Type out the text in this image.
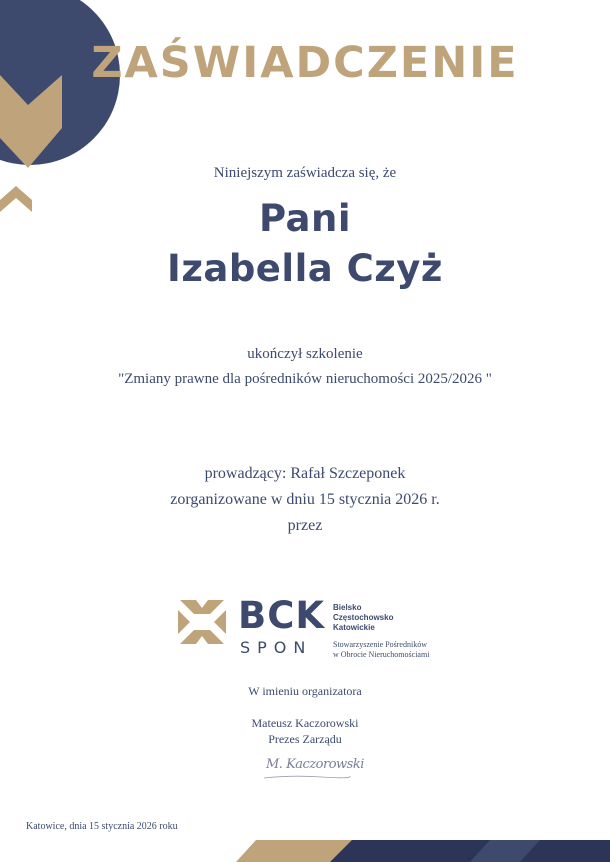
ZAŚWIADCZENIE
Niniejszym zaświadcza się, że
Pani
Izabella Czyż
ukończył szkolenie
"Zmiany prawne dla pośredników nieruchomości 2025/2026 "
prowadzący: Rafał Szczeponek
zorganizowane w dniu 15 stycznia 2026 r.
przez
BCK
SPON
Bielsko
Częstochowsko
Katowickie
Stowarzyszenie Pośredników
w Obrocie Nieruchomościami
W imieniu organizatora
Mateusz Kaczorowski
Prezes Zarządu
M. Kaczorowski
Katowice, dnia 15 stycznia 2026 roku
